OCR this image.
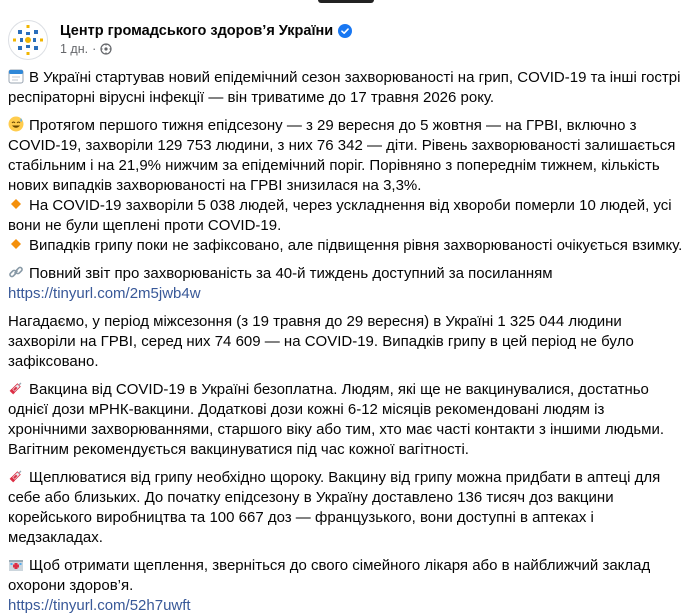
Центр громадського здоров’я України
1 дн. ·

В Україні стартував новий епідемічний сезон захворюваності на грип, COVID-19 та інші гострі респіраторні вірусні інфекції — він триватиме до 17 травня 2026 року.

Протягом першого тижня епідсезону — з 29 вересня до 5 жовтня — на ГРВІ, включно з COVID-19, захворіли 129 753 людини, з них 76 342 — діти. Рівень захворюваності залишається стабільним і на 21,9% нижчим за епідемічний поріг. Порівняно з попереднім тижнем, кількість нових випадків захворюваності на ГРВІ знизилася на 3,3%.

На COVID-19 захворіли 5 038 людей, через ускладнення від хвороби померли 10 людей, усі вони не були щеплені проти COVID-19.

Випадків грипу поки не зафіксовано, але підвищення рівня захворюваності очікується взимку.

Повний звіт про захворюваність за 40-й тиждень доступний за посиланням
https://tinyurl.com/2m5jwb4w

Нагадаємо, у період міжсезоння (з 19 травня до 29 вересня) в Україні 1 325 044 людини захворіли на ГРВІ, серед них 74 609 — на COVID-19. Випадків грипу в цей період не було зафіксовано.

Вакцина від COVID-19 в Україні безоплатна. Людям, які ще не вакцинувалися, достатньо однієї дози мРНК-вакцини. Додаткові дози кожні 6-12 місяців рекомендовані людям із хронічними захворюваннями, старшого віку або тим, хто має часті контакти з іншими людьми. Вагітним рекомендується вакцинуватися під час кожної вагітності.

Щеплюватися від грипу необхідно щороку. Вакцину від грипу можна придбати в аптеці для себе або близьких. До початку епідсезону в Україну доставлено 136 тисяч доз вакцини корейського виробництва та 100 667 доз — французького, вони доступні в аптеках і медзакладах.

Щоб отримати щеплення, зверніться до свого сімейного лікаря або в найближчий заклад охорони здоров’я.
https://tinyurl.com/52h7uwft
